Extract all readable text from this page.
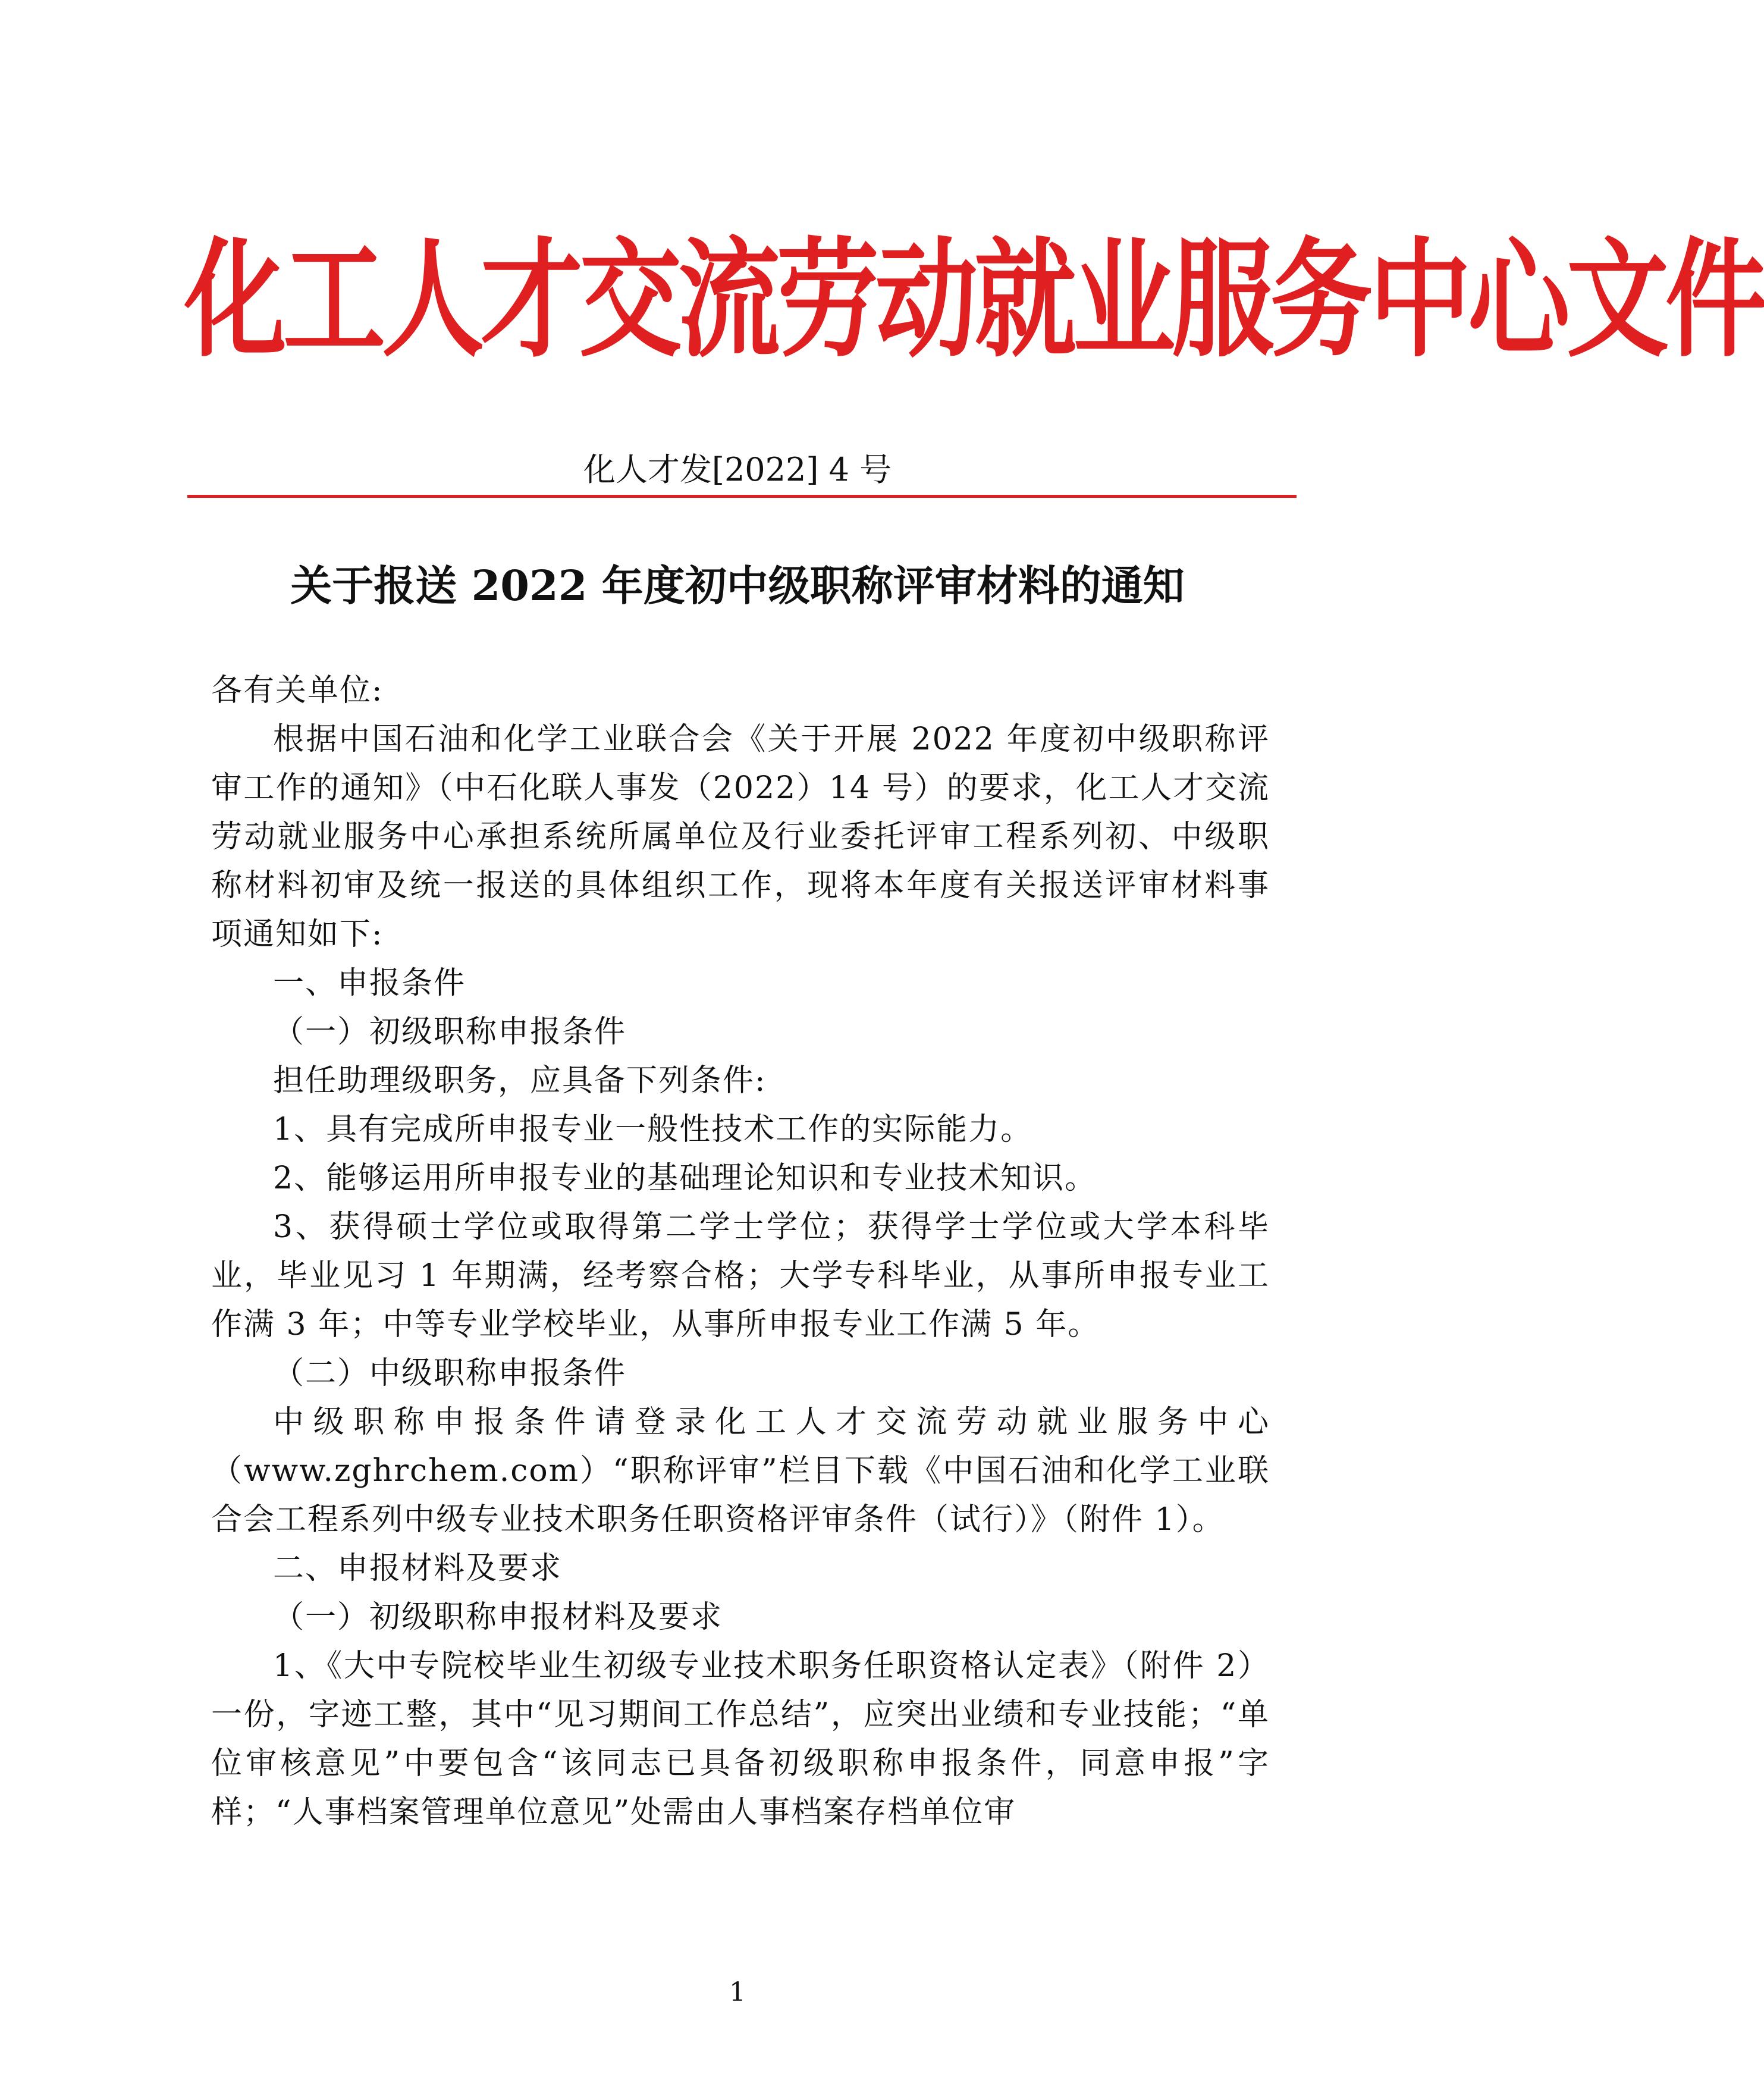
化工人才交流劳动就业服务中心文件
化人才发[2022] 4 号
关于报送 2022 年度初中级职称评审材料的通知

各有关单位:

根据中国石油和化学工业联合会《关于开展 2022 年度初中级职称评审工作的通知》（中石化联人事发（2022）14 号）的要求，化工人才交流劳动就业服务中心承担系统所属单位及行业委托评审工程系列初、中级职称材料初审及统一报送的具体组织工作，现将本年度有关报送评审材料事项通知如下:

一、申报条件

（一）初级职称申报条件

担任助理级职务，应具备下列条件:

1、具有完成所申报专业一般性技术工作的实际能力。

2、能够运用所申报专业的基础理论知识和专业技术知识。

3、获得硕士学位或取得第二学士学位；获得学士学位或大学本科毕业，毕业见习 1 年期满，经考察合格；大学专科毕业，从事所申报专业工作满 3 年；中等专业学校毕业，从事所申报专业工作满 5 年。

（二）中级职称申报条件

中级职称申报条件请登录化工人才交流劳动就业服务中心（www.zghrchem.com）“职称评审”栏目下载《中国石油和化学工业联合会工程系列中级专业技术职务任职资格评审条件（试行）》（附件 1）。

二、申报材料及要求

（一）初级职称申报材料及要求

1、《大中专院校毕业生初级专业技术职务任职资格认定表》（附件 2）一份，字迹工整，其中“见习期间工作总结”，应突出业绩和专业技能；“单位审核意见”中要包含“该同志已具备初级职称申报条件，同意申报”字样；“人事档案管理单位意见”处需由人事档案存档单位审

1
